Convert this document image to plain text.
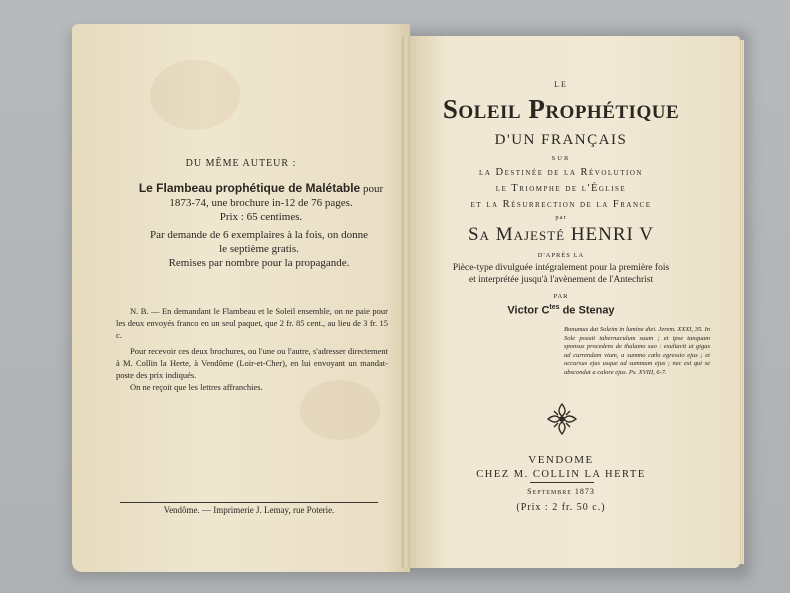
DU MÊME AUTEUR :
Le Flambeau prophétique de Malétable pour
1873-74, une brochure in-12 de 76 pages.
Prix : 65 centimes.
Par demande de 6 exemplaires à la fois, on donne
le septième gratis.
Remises par nombre pour la propagande.
N. B. — En demandant le Flambeau et le Soleil ensemble, on ne paie pour les deux envoyés franco en un seul paquet, que 2 fr. 85 cent., au lieu de 3 fr. 15 c.
Pour recevoir ces deux brochures, ou l'une ou l'autre, s'adresser directement à M. Collin la Herte, à Vendôme (Loir-et-Cher), en lui envoyant un mandat-poste des prix indiqués.
On ne reçoit que les lettres affranchies.
Vendôme. — Imprimerie J. Lemay, rue Poterie.
LE
Soleil Prophétique
D'UN FRANÇAIS
SUR
la Destinée de la Révolution
le Triomphe de l'Église
et la Résurrection de la France
par
Sa Majesté HENRI V
D'APRÈS LA
Pièce-type divulguée intégralement pour la première fois
et interprétée jusqu'à l'avènement de l'Antechrist
PAR
Victor $C^{tes}$ de Stenay
VENDOME
CHEZ M. COLLIN LA HERTE
Septembre 1873
(Prix : 2 fr. 50 c.)
Bonumus dat Soleim in lumine diei. Jerem. XXXI, 35. In Sole posuit tabernaculum suum ; et ipse tanquam sponsus procedens de thalamo suo : exultavit ut gigas ad currendam viam, a summo cœlo egressio ejus ; et occursus ejus usque ad summum ejus ; nec est qui se abscondat a calore ejus. Ps. XVIII, 6-7.
